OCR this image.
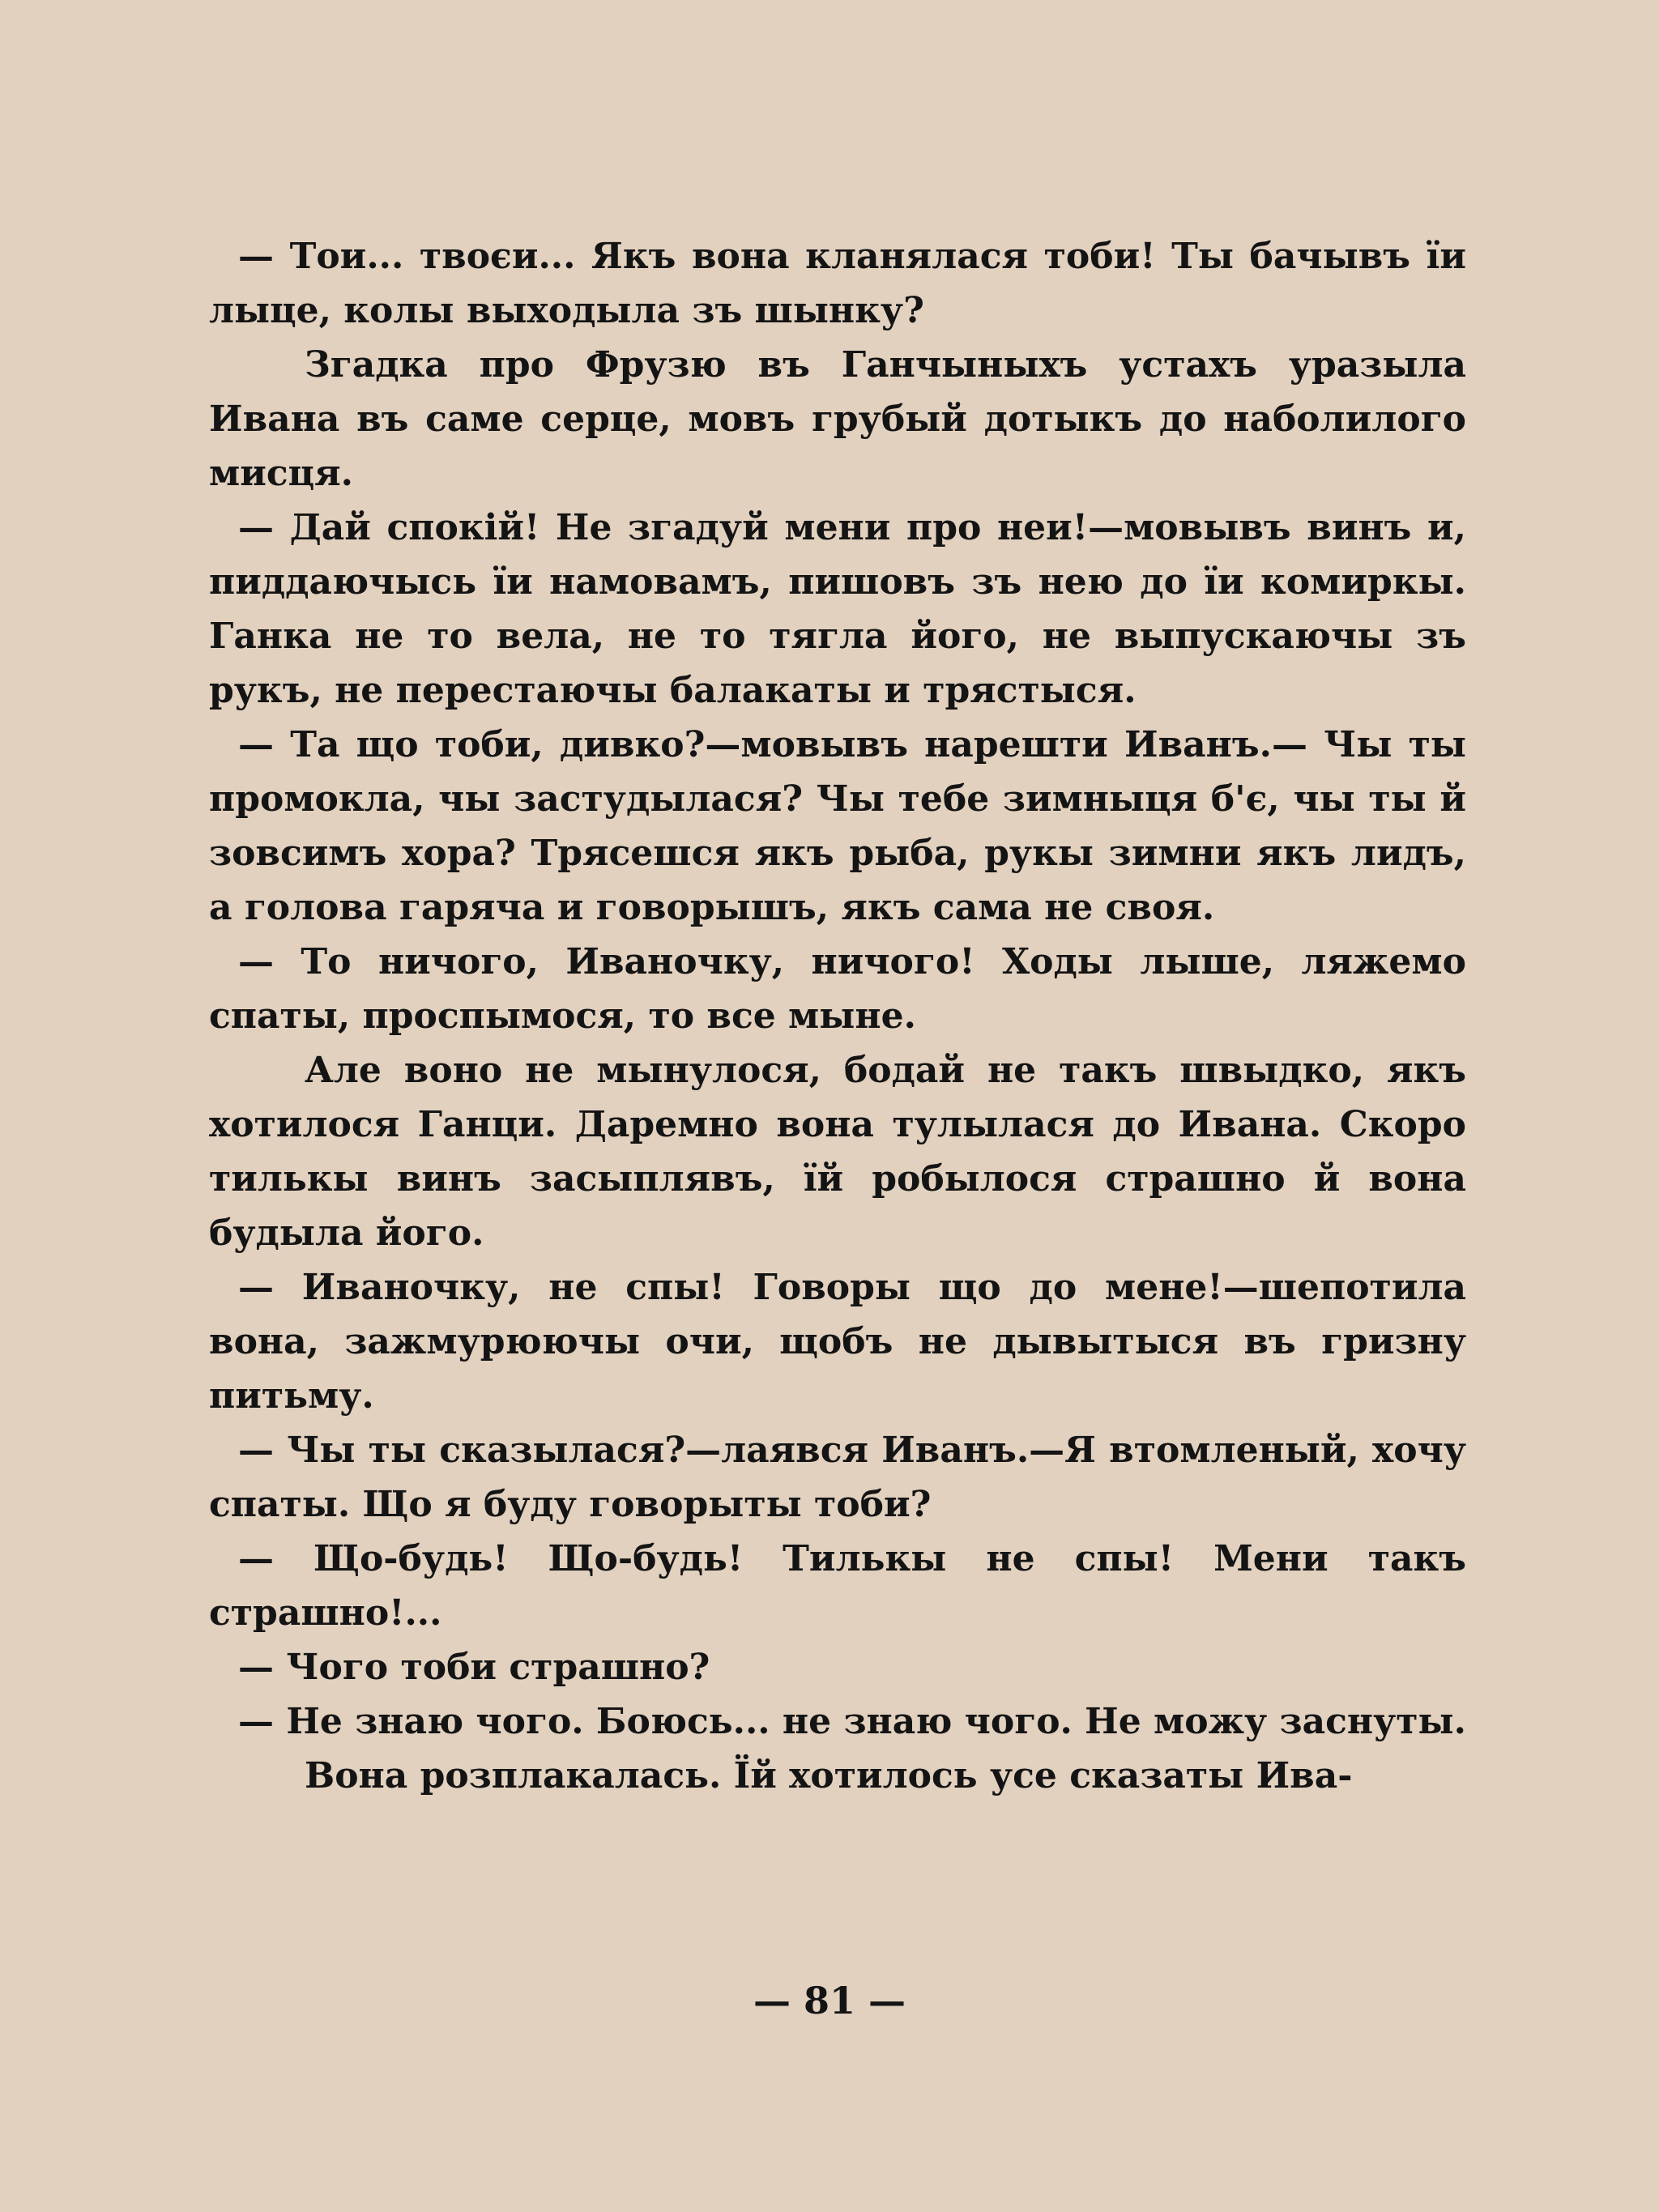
— Тои... твоєи... Якъ вона кланялася тоби! Ты бачывъ ïи лыце, колы выходыла зъ шынку?

Згадка про Фрузю въ Ганчыныхъ устахъ уразыла Ивана въ саме серце, мовъ грубый дотыкъ до наболилого мисця.

— Дай спокій! Не згадуй мени про неи!—мовывъ винъ и, пиддаючысь ïи намовамъ, пишовъ зъ нею до ïи комиркы. Ганка не то вела, не то тягла його, не выпускаючы зъ рукъ, не перестаючы балакаты и трястыся.

— Та що тоби, дивко?—мовывъ нарешти Иванъ.— Чы ты промокла, чы застудылася? Чы тебе зимныця б'є, чы ты й зовсимъ хора? Трясешся якъ рыба, рукы зимни якъ лидъ, а голова гаряча и говорышъ, якъ сама не своя.

— То ничого, Иваночку, ничого! Ходы лыше, ляжемо спаты, проспымося, то все мыне.

Але воно не мынулося, бодай не такъ швыдко, якъ хотилося Ганци. Даремно вона тулылася до Ивана. Скоро тилькы винъ засыплявъ, ïй робылося страшно й вона будыла його.

— Иваночку, не спы! Говоры що до мене!—шепотила вона, зажмурюючы очи, щобъ не дывытыся въ гризну питьму.

— Чы ты сказылася?—лаявся Иванъ.—Я втомленый, хочу спаты. Що я буду говорыты тоби?

— Що-будь! Що-будь! Тилькы не спы! Мени такъ страшно!...

— Чого тоби страшно?

— Не знаю чого. Боюсь... не знаю чого. Не можу заснуты.

Вона розплакалась. Ïй хотилось усе сказаты Ива-

— 81 —
